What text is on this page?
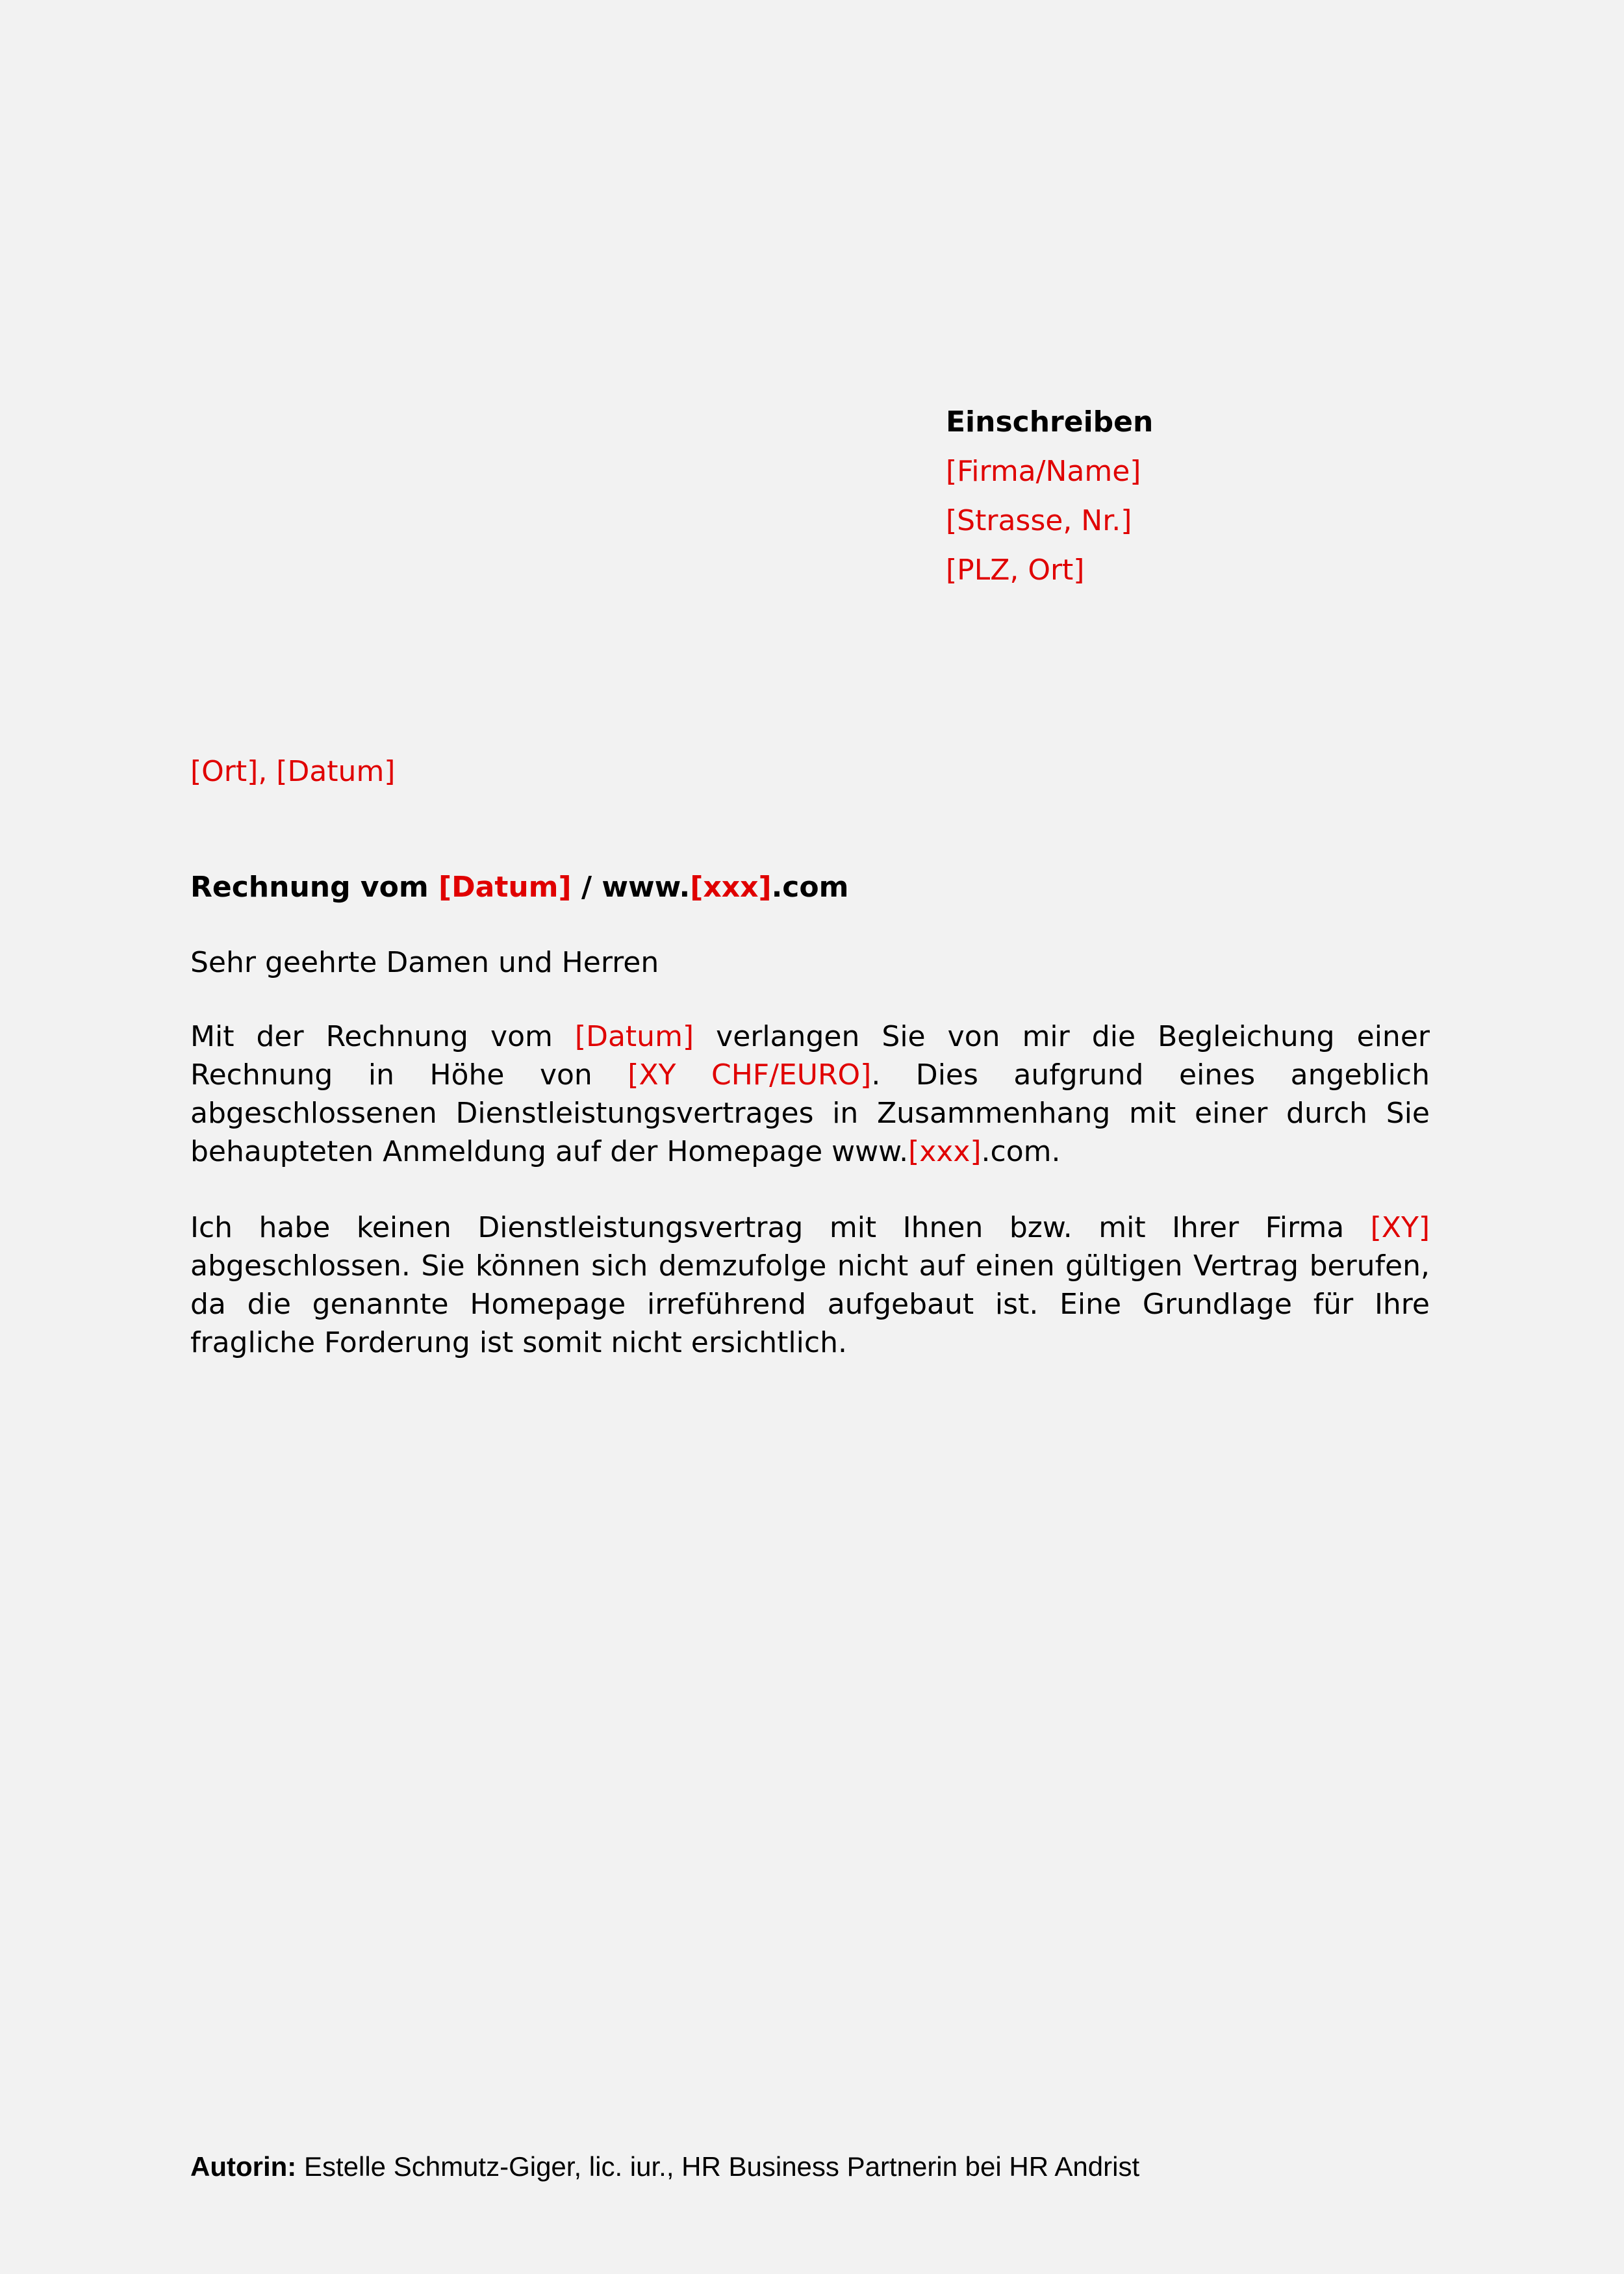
Einschreiben
[Firma/Name]
[Strasse, Nr.]
[PLZ, Ort]
[Ort], [Datum]
Rechnung vom [Datum] / www.[xxx].com
Sehr geehrte Damen und Herren
Mit der Rechnung vom [Datum] verlangen Sie von mir die Begleichung einer Rechnung in Höhe von [XY CHF/EURO]. Dies aufgrund eines angeblich abgeschlossenen Dienstleistungsvertrages in Zusammenhang mit einer durch Sie behaupteten Anmeldung auf der Homepage www.[xxx].com.
Ich habe keinen Dienstleistungsvertrag mit Ihnen bzw. mit Ihrer Firma [XY] abgeschlossen. Sie können sich demzufolge nicht auf einen gültigen Vertrag berufen, da die genannte Homepage irreführend aufgebaut ist. Eine Grundlage für Ihre fragliche Forderung ist somit nicht ersichtlich.
Autorin: Estelle Schmutz-Giger, lic. iur., HR Business Partnerin bei HR Andrist
